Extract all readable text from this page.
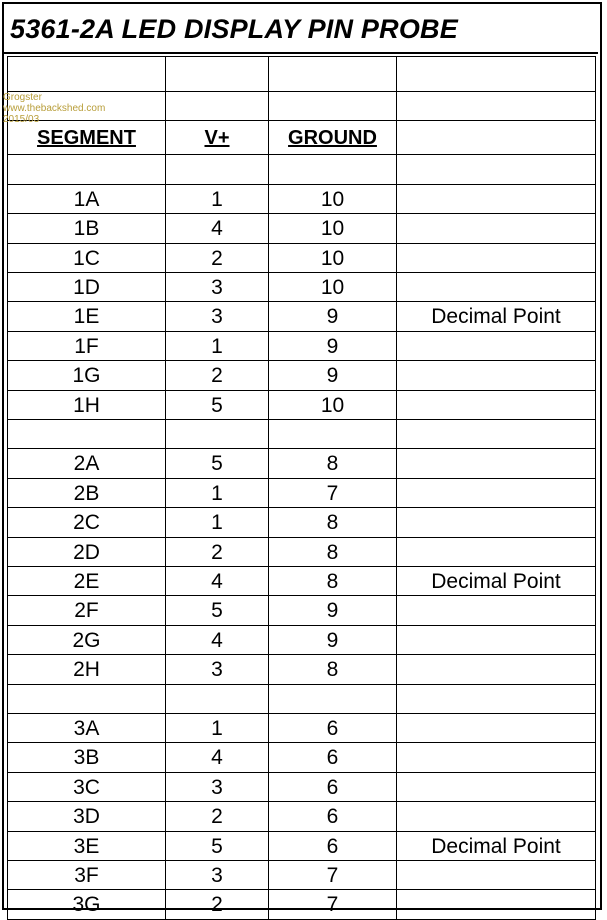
5361-2A LED DISPLAY PIN PROBE
SEGMENT	V+	GROUND
1A	1	10
1B	4	10
1C	2	10
1D	3	10
1E	3	9	Decimal Point
1F	1	9
1G	2	9
1H	5	10
2A	5	8
2B	1	7
2C	1	8
2D	2	8
2E	4	8	Decimal Point
2F	5	9
2G	4	9
2H	3	8
3A	1	6
3B	4	6
3C	3	6
3D	2	6
3E	5	6	Decimal Point
3F	3	7
3G	2	7
Grogster
www.thebackshed.com
2015/03
